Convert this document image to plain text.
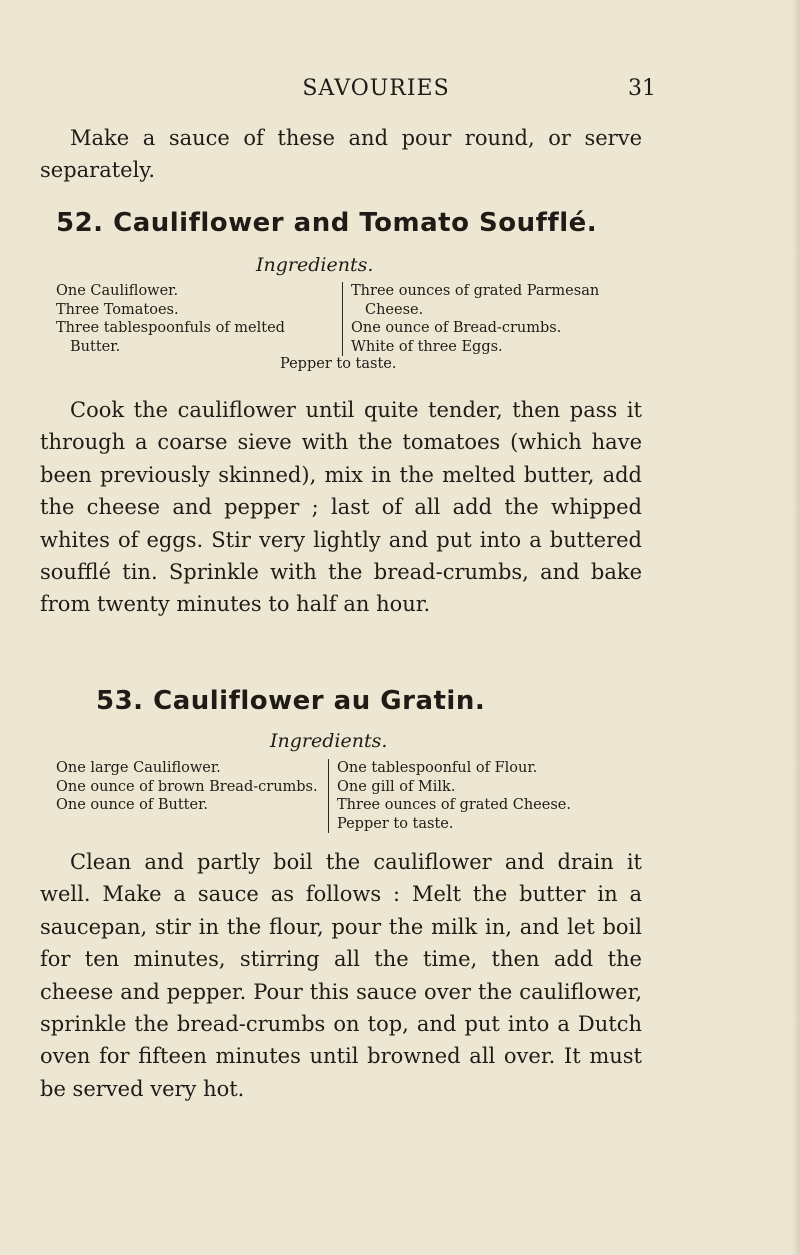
SAVOURIES	31

Make a sauce of these and pour round, or serve separately.

52. Cauliflower and Tomato Soufflé.
Ingredients.
One Cauliflower.
Three Tomatoes.
Three tablespoonfuls of melted Butter.
Three ounces of grated Parmesan Cheese.
One ounce of Bread-crumbs.
White of three Eggs.
Pepper to taste.

Cook the cauliflower until quite tender, then pass it through a coarse sieve with the tomatoes (which have been previously skinned), mix in the melted butter, add the cheese and pepper ; last of all add the whipped whites of eggs. Stir very lightly and put into a buttered soufflé tin. Sprinkle with the bread-crumbs, and bake from twenty minutes to half an hour.

53. Cauliflower au Gratin.
Ingredients.
One large Cauliflower.
One ounce of brown Bread-crumbs.
One ounce of Butter.
One tablespoonful of Flour.
One gill of Milk.
Three ounces of grated Cheese.
Pepper to taste.

Clean and partly boil the cauliflower and drain it well. Make a sauce as follows : Melt the butter in a saucepan, stir in the flour, pour the milk in, and let boil for ten minutes, stirring all the time, then add the cheese and pepper. Pour this sauce over the cauliflower, sprinkle the bread-crumbs on top, and put into a Dutch oven for fifteen minutes until browned all over. It must be served very hot.
